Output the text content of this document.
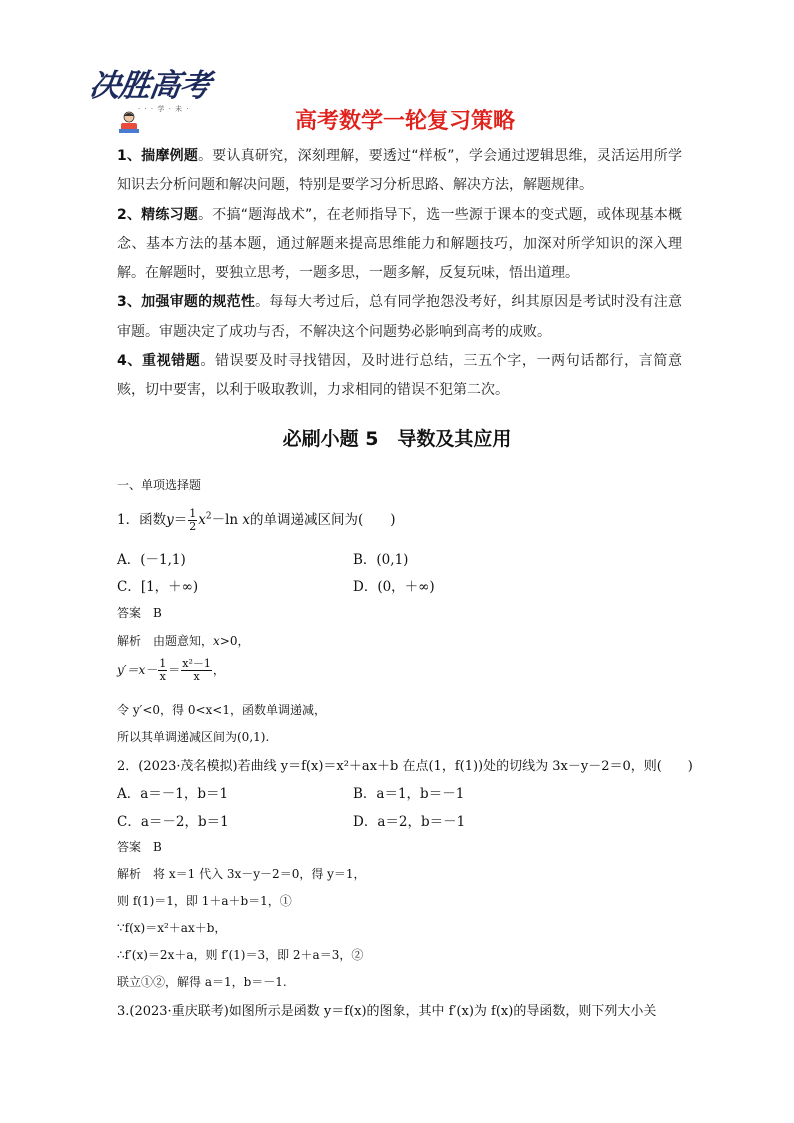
决胜高考
· · · 学 · 未 ·	高考数学一轮复习策略

1、揣摩例题。要认真研究，深刻理解，要透过“样板”，学会通过逻辑思维，灵活运用所学知识去分析问题和解决问题，特别是要学习分析思路、解决方法，解题规律。

2、精练习题。不搞“题海战术”，在老师指导下，选一些源于课本的变式题，或体现基本概念、基本方法的基本题，通过解题来提高思维能力和解题技巧，加深对所学知识的深入理解。在解题时，要独立思考，一题多思，一题多解，反复玩味，悟出道理。

3、加强审题的规范性。每每大考过后，总有同学抱怨没考好，纠其原因是考试时没有注意审题。审题决定了成功与否，不解决这个问题势必影响到高考的成败。

4、重视错题。错误要及时寻找错因，及时进行总结，三五个字，一两句话都行，言简意赅，切中要害，以利于吸取教训，力求相同的错误不犯第二次。

必刷小题 5　导数及其应用
一、单项选择题
1．函数$y= \frac{1}{2} x^2-\ln$ x的单调递减区间为(　　)
A．(－1,1)	B．(0,1)
C．[1，＋∞)	D．(0，＋∞)
答案　 B
解析　 由题意知，x>0，
$y'=x- \frac{1}{x} = \frac{\text{x²－1}}{x}$ ，
令 y′<0，得 0<x<1，函数单调递减，
所以其单调递减区间为(0,1).
2．(2023·茂名模拟)若曲线 y＝f(x)＝x²＋ax＋b 在点(1，f(1))处的切线为 3x－y－2＝0，则(　　)
A．a＝－1，b＝1	B．a＝1，b＝－1
C．a＝－2，b＝1	D．a＝2，b＝－1
答案　 B
解析　 将 x＝1 代入 3x－y－2＝0，得 y＝1，
则 f(1)＝1，即 1＋a＋b＝1，①
∵f(x)＝x²＋ax＋b，
∴f′(x)＝2x＋a，则 f′(1)＝3，即 2＋a＝3，②
联立①②，解得 a＝1，b＝－1.
3.(2023·重庆联考)如图所示是函数 y＝f(x)的图象，其中 f′(x)为 f(x)的导函数，则下列大小关
